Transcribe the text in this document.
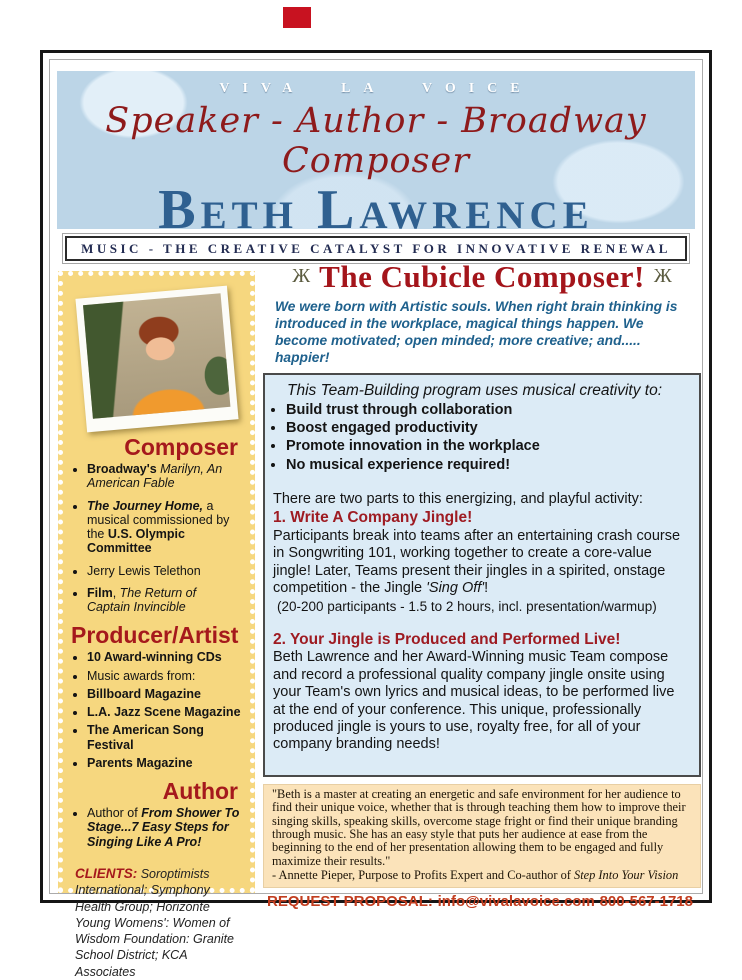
VIVA LA VOICE
Speaker - Author - Broadway Composer
Beth Lawrence
MUSIC - THE CREATIVE CATALYST FOR INNOVATIVE RENEWAL
Composer
• Broadway's Marilyn, An American Fable
• The Journey Home, a musical commissioned by the U.S. Olympic Committee
• Jerry Lewis Telethon
• Film, The Return of Captain Invincible
Producer/Artist
• 10 Award-winning CDs
• Music awards from:
• Billboard Magazine
• L.A. Jazz Scene Magazine
• The American Song Festival
• Parents Magazine
Author
• Author of From Shower To Stage...7 Easy Steps for Singing Like A Pro!

CLIENTS: Soroptimists International; Symphony Health Group; Horizonte Young Womens': Women of Wisdom Foundation: Granite School District; KCA Associates

Ж The Cubicle Composer! Ж

We were born with Artistic souls. When right brain thinking is introduced in the workplace, magical things happen. We become motivated; open minded; more creative; and..... happier!

This Team-Building program uses musical creativity to:
• Build trust through collaboration
• Boost engaged productivity
• Promote innovation in the workplace
• No musical experience required!
There are two parts to this energizing, and playful activity:
1. Write A Company Jingle!

Participants break into teams after an entertaining crash course in Songwriting 101, working together to create a core-value jingle! Later, Teams present their jingles in a spirited, onstage competition - the Jingle 'Sing Off'!

(20-200 participants - 1.5 to 2 hours, incl. presentation/warmup)
2. Your Jingle is Produced and Performed Live!

Beth Lawrence and her Award-Winning music Team compose and record a professional quality company jingle onsite using your Team's own lyrics and musical ideas, to be performed live at the end of your conference. This unique, professionally produced jingle is yours to use, royalty free, for all of your company branding needs!

"Beth is a master at creating an energetic and safe environment for her audience to find their unique voice, whether that is through teaching them how to improve their singing skills, speaking skills, overcome stage fright or find their unique branding through music. She has an easy style that puts her audience at ease from the beginning to the end of her presentation allowing them to be engaged and fully maximize their results."
- Annette Pieper, Purpose to Profits Expert and Co-author of Step Into Your Vision
REQUEST PROPOSAL: info@vivalavoice.com 800-567-1718
